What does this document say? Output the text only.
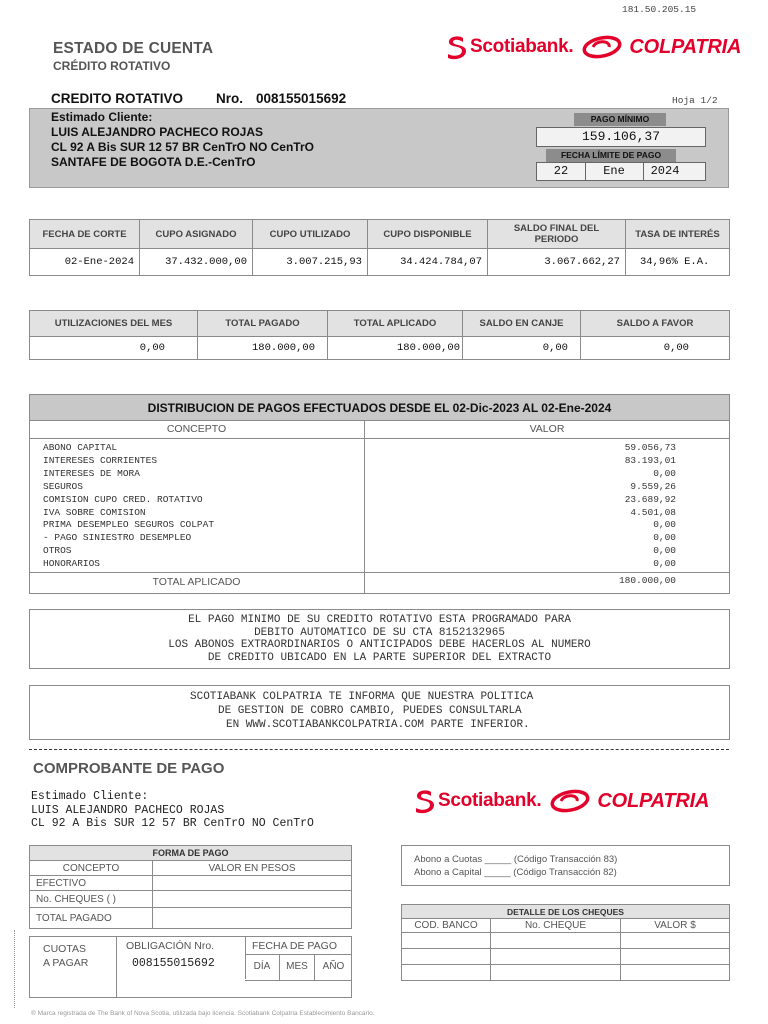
181.50.205.15
ESTADO DE CUENTA
CRÉDITO ROTATIVO
Scotiabank.	COLPATRIA
CREDITO ROTATIVO Nro. 008155015692	Hoja 1/2
Estimado Cliente:
LUIS ALEJANDRO PACHECO ROJAS
CL 92 A Bis SUR 12 57 BR CenTrO NO CenTrO
SANTAFE DE BOGOTA D.E.-CenTrO
PAGO MÍNIMO
159.106,37
FECHA LÍMITE DE PAGO
22	Ene	2024
FECHA DE CORTE	CUPO ASIGNADO	CUPO UTILIZADO	CUPO DISPONIBLE	SALDO FINAL DEL PERIODO	TASA DE INTERÉS
02-Ene-2024	37.432.000,00	3.007.215,93	34.424.784,07	3.067.662,27	34,96% E.A.
UTILIZACIONES DEL MES	TOTAL PAGADO	TOTAL APLICADO	SALDO EN CANJE	SALDO A FAVOR
0,00	180.000,00	180.000,00	0,00	0,00
DISTRIBUCION DE PAGOS EFECTUADOS DESDE EL 02-Dic-2023 AL 02-Ene-2024
CONCEPTO	VALOR
ABONO CAPITAL	59.056,73
INTERESES CORRIENTES	83.193,01
INTERESES DE MORA	0,00
SEGUROS	9.559,26
COMISION CUPO CRED. ROTATIVO	23.689,92
IVA SOBRE COMISION	4.501,08
PRIMA DESEMPLEO SEGUROS COLPAT	0,00
- PAGO SINIESTRO DESEMPLEO	0,00
OTROS	0,00
HONORARIOS	0,00
TOTAL APLICADO	180.000,00
EL PAGO MINIMO DE SU CREDITO ROTATIVO ESTA PROGRAMADO PARA
DEBITO AUTOMATICO DE SU CTA 8152132965
LOS ABONOS EXTRAORDINARIOS O ANTICIPADOS DEBE HACERLOS AL NUMERO
DE CREDITO UBICADO EN LA PARTE SUPERIOR DEL EXTRACTO
SCOTIABANK COLPATRIA TE INFORMA QUE NUESTRA POLITICA
DE GESTION DE COBRO CAMBIO, PUEDES CONSULTARLA
EN WWW.SCOTIABANKCOLPATRIA.COM PARTE INFERIOR.
COMPROBANTE DE PAGO
Estimado Cliente:
LUIS ALEJANDRO PACHECO ROJAS
CL 92 A Bis SUR 12 57 BR CenTrO NO CenTrO
Scotiabank.	COLPATRIA
FORMA DE PAGO
CONCEPTO	VALOR EN PESOS
EFECTIVO
No. CHEQUES ( )
TOTAL PAGADO
CUOTAS
A PAGAR
OBLIGACIÓN Nro.
008155015692
FECHA DE PAGO
DÍA	MES	AÑO
Abono a Cuotas _____ (Código Transacción 83)
Abono a Capital _____ (Código Transacción 82)
DETALLE DE LOS CHEQUES
COD. BANCO	No. CHEQUE	VALOR $
® Marca registrada de The Bank of Nova Scotia, utilizada bajo licencia. Scotiabank Colpatria Establecimiento Bancario.
